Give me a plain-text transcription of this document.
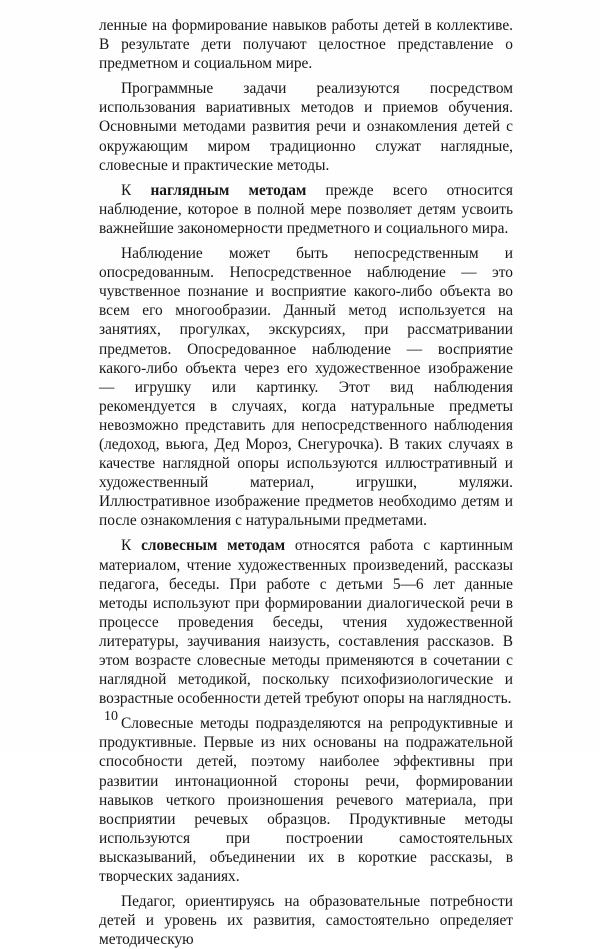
ленные на формирование навыков работы детей в коллективе. В результате дети получают целостное представление о предметном и социальном мире.

Программные задачи реализуются посредством использования вариативных методов и приемов обучения. Основными методами развития речи и ознакомления детей с окружающим миром традиционно служат наглядные, словесные и практические методы.

К наглядным методам прежде всего относится наблюдение, которое в полной мере позволяет детям усвоить важнейшие закономерности предметного и социального мира.

Наблюдение может быть непосредственным и опосредованным. Непосредственное наблюдение — это чувственное познание и восприятие какого-либо объекта во всем его многообразии. Данный метод используется на занятиях, прогулках, экскурсиях, при рассматривании предметов. Опосредованное наблюдение — восприятие какого-либо объекта через его художественное изображение — игрушку или картинку. Этот вид наблюдения рекомендуется в случаях, когда натуральные предметы невозможно представить для непосредственного наблюдения (ледоход, вьюга, Дед Мороз, Снегурочка). В таких случаях в качестве наглядной опоры используются иллюстративный и художественный материал, игрушки, муляжи. Иллюстративное изображение предметов необходимо детям и после ознакомления с натуральными предметами.

К словесным методам относятся работа с картинным материалом, чтение художественных произведений, рассказы педагога, беседы. При работе с детьми 5—6 лет данные методы используют при формировании диалогической речи в процессе проведения беседы, чтения художественной литературы, заучивания наизусть, составления рассказов. В этом возрасте словесные методы применяются в сочетании с наглядной методикой, поскольку психофизиологические и возрастные особенности детей требуют опоры на наглядность.

Словесные методы подразделяются на репродуктивные и продуктивные. Первые из них основаны на подражательной способности детей, поэтому наиболее эффективны при развитии интонационной стороны речи, формировании навыков четкого произношения речевого материала, при восприятии речевых образцов. Продуктивные методы используются при построении самостоятельных высказываний, объединении их в короткие рассказы, в творческих заданиях.

Педагог, ориентируясь на образовательные потребности детей и уровень их развития, самостоятельно определяет методическую

10
